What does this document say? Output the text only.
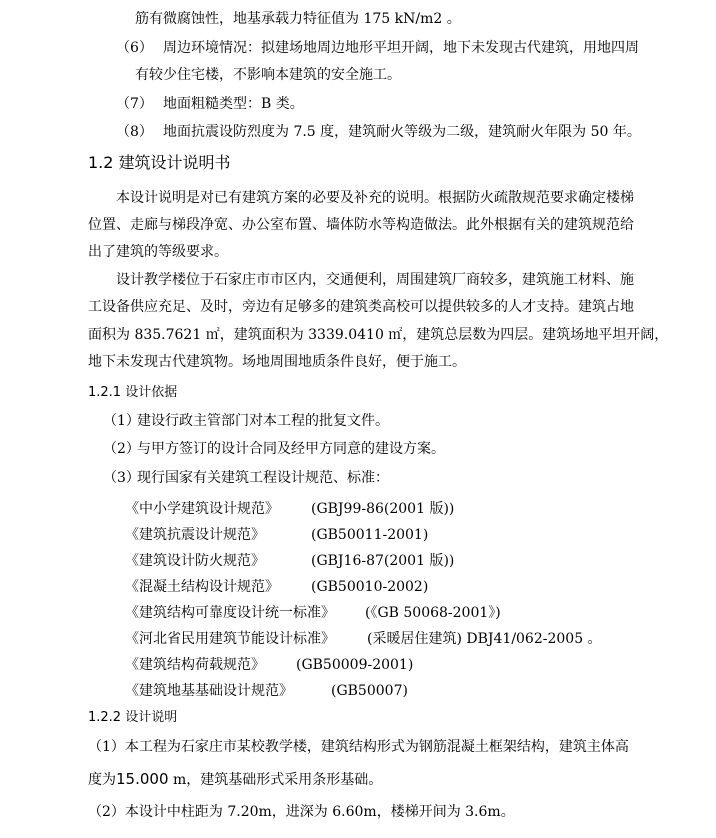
筋有微腐蚀性，地基承载力特征值为 175 kN/m2 。
（6） 周边环境情况：拟建场地周边地形平坦开阔，地下未发现古代建筑，用地四周
有较少住宅楼，不影响本建筑的安全施工。
（7） 地面粗糙类型：B 类。
（8） 地面抗震设防烈度为 7.5 度，建筑耐火等级为二级，建筑耐火年限为 50 年。
1.2 建筑设计说明书
本设计说明是对已有建筑方案的必要及补充的说明。根据防火疏散规范要求确定楼梯
位置、走廊与梯段净宽、办公室布置、墙体防水等构造做法。此外根据有关的建筑规范给
出了建筑的等级要求。
设计教学楼位于石家庄市市区内，交通便利，周围建筑厂商较多，建筑施工材料、施
工设备供应充足、及时，旁边有足够多的建筑类高校可以提供较多的人才支持。建筑占地
面积为 835.7621 ㎡，建筑面积为 3339.0410 ㎡，建筑总层数为四层。建筑场地平坦开阔，
地下未发现古代建筑物。场地周围地质条件良好，便于施工。
1.2.1 设计依据
（1）
建设行政主管部门对本工程的批复文件。
（2）
与甲方签订的设计合同及经甲方同意的建设方案。
（3）
现行国家有关建筑工程设计规范、标准：
《中小学建筑设计规范》 (GBJ99-86(2001 版))
《建筑抗震设计规范》	(GB50011-2001)
《建筑设计防火规范》	(GBJ16-87(2001 版))
《混凝土结构设计规范》 (GB50010-2002)
《建筑结构可靠度设计统一标准》 (《GB 50068-2001》)
《河北省民用建筑节能设计标准》 (采暖居住建筑) DBJ41/062-2005 。
《建筑结构荷载规范》 (GB50009-2001)
《建筑地基基础设计规范》	(GB50007)
1.2.2 设计说明
（1）本工程为石家庄市某校教学楼，建筑结构形式为钢筋混凝土框架结构，建筑主体高
度为15.000 m，建筑基础形式采用条形基础。
（2）本设计中柱距为 7.20m，进深为 6.60m，楼梯开间为 3.6m。
